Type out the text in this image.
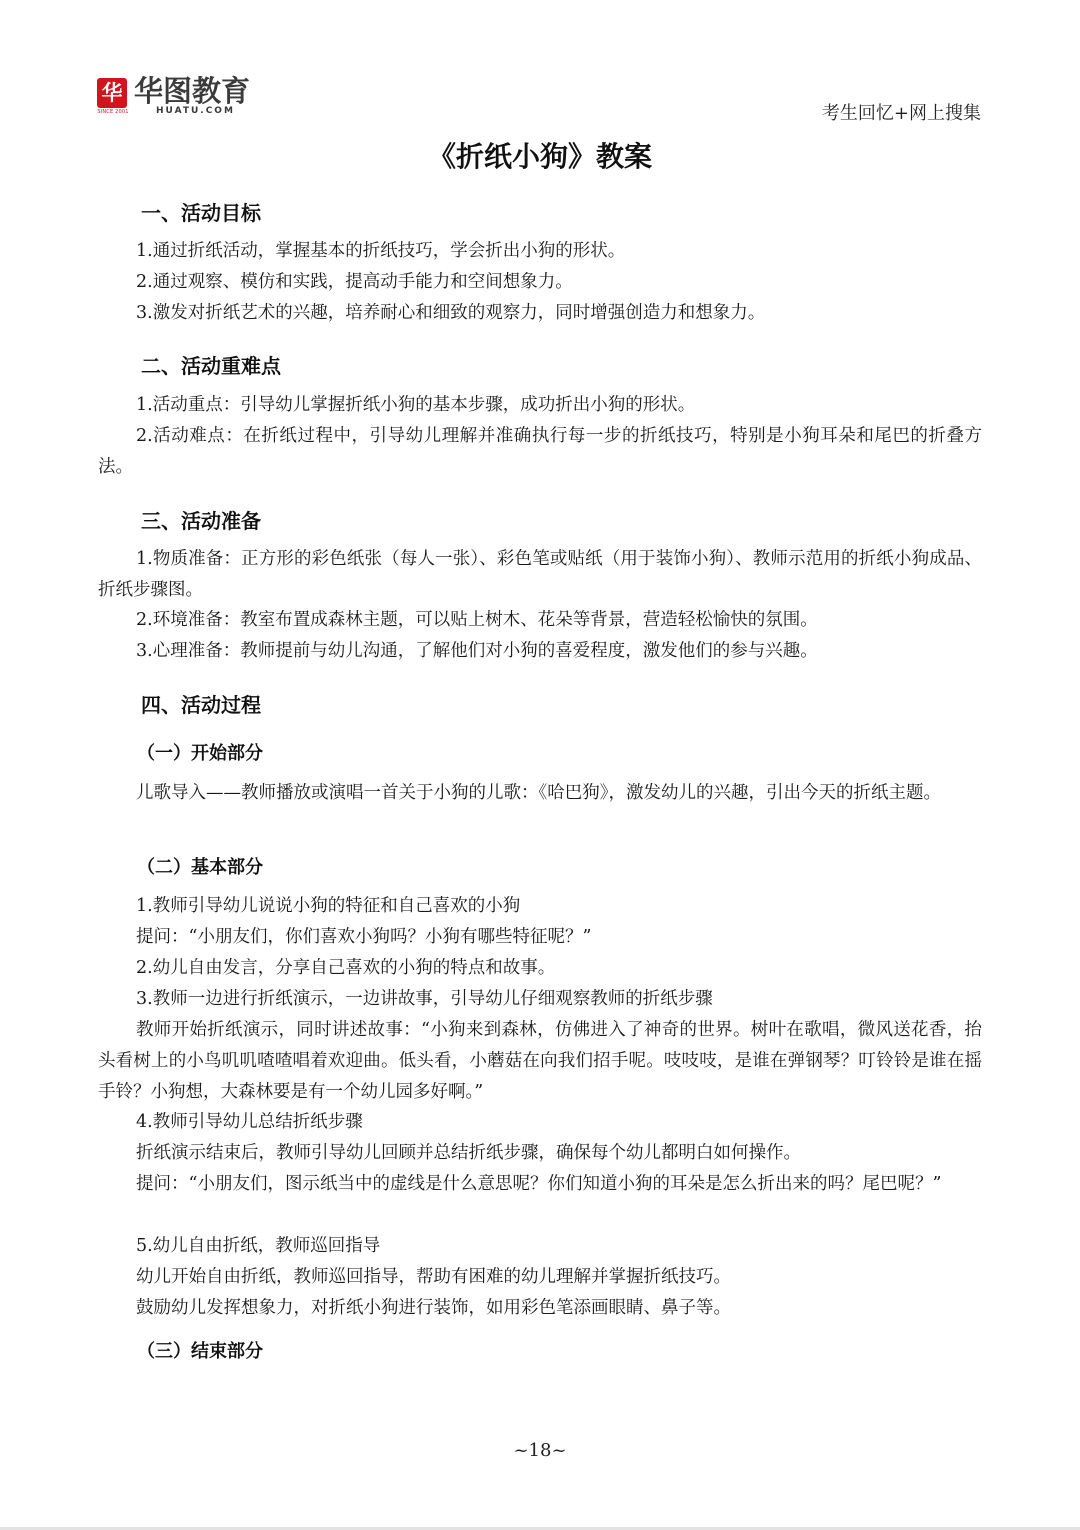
华
SINCE 2001
华图教育
HUATU.COM	考生回忆+网上搜集
《折纸小狗》教案
一、活动目标
1.通过折纸活动，掌握基本的折纸技巧，学会折出小狗的形状。
2.通过观察、模仿和实践，提高动手能力和空间想象力。
3.激发对折纸艺术的兴趣，培养耐心和细致的观察力，同时增强创造力和想象力。
二、活动重难点
1.活动重点：引导幼儿掌握折纸小狗的基本步骤，成功折出小狗的形状。
2.活动难点：在折纸过程中，引导幼儿理解并准确执行每一步的折纸技巧，特别是小狗耳朵和尾巴的折叠方法。
三、活动准备
1.物质准备：正方形的彩色纸张（每人一张）、彩色笔或贴纸（用于装饰小狗）、教师示范用的折纸小狗成品、折纸步骤图。
2.环境准备：教室布置成森林主题，可以贴上树木、花朵等背景，营造轻松愉快的氛围。
3.心理准备：教师提前与幼儿沟通，了解他们对小狗的喜爱程度，激发他们的参与兴趣。
四、活动过程
（一）开始部分
儿歌导入——教师播放或演唱一首关于小狗的儿歌：《哈巴狗》，激发幼儿的兴趣，引出今天的折纸主题。
（二）基本部分
1.教师引导幼儿说说小狗的特征和自己喜欢的小狗
提问：“小朋友们，你们喜欢小狗吗？小狗有哪些特征呢？”
2.幼儿自由发言，分享自己喜欢的小狗的特点和故事。
3.教师一边进行折纸演示，一边讲故事，引导幼儿仔细观察教师的折纸步骤
教师开始折纸演示，同时讲述故事：“小狗来到森林，仿佛进入了神奇的世界。树叶在歌唱，微风送花香，抬头看树上的小鸟叽叽喳喳唱着欢迎曲。低头看，小蘑菇在向我们招手呢。吱吱吱，是谁在弹钢琴？叮铃铃是谁在摇手铃？小狗想，大森林要是有一个幼儿园多好啊。”
4.教师引导幼儿总结折纸步骤
折纸演示结束后，教师引导幼儿回顾并总结折纸步骤，确保每个幼儿都明白如何操作。
提问：“小朋友们，图示纸当中的虚线是什么意思呢？你们知道小狗的耳朵是怎么折出来的吗？尾巴呢？”
5.幼儿自由折纸，教师巡回指导
幼儿开始自由折纸，教师巡回指导，帮助有困难的幼儿理解并掌握折纸技巧。
鼓励幼儿发挥想象力，对折纸小狗进行装饰，如用彩色笔添画眼睛、鼻子等。
（三）结束部分
~18~
